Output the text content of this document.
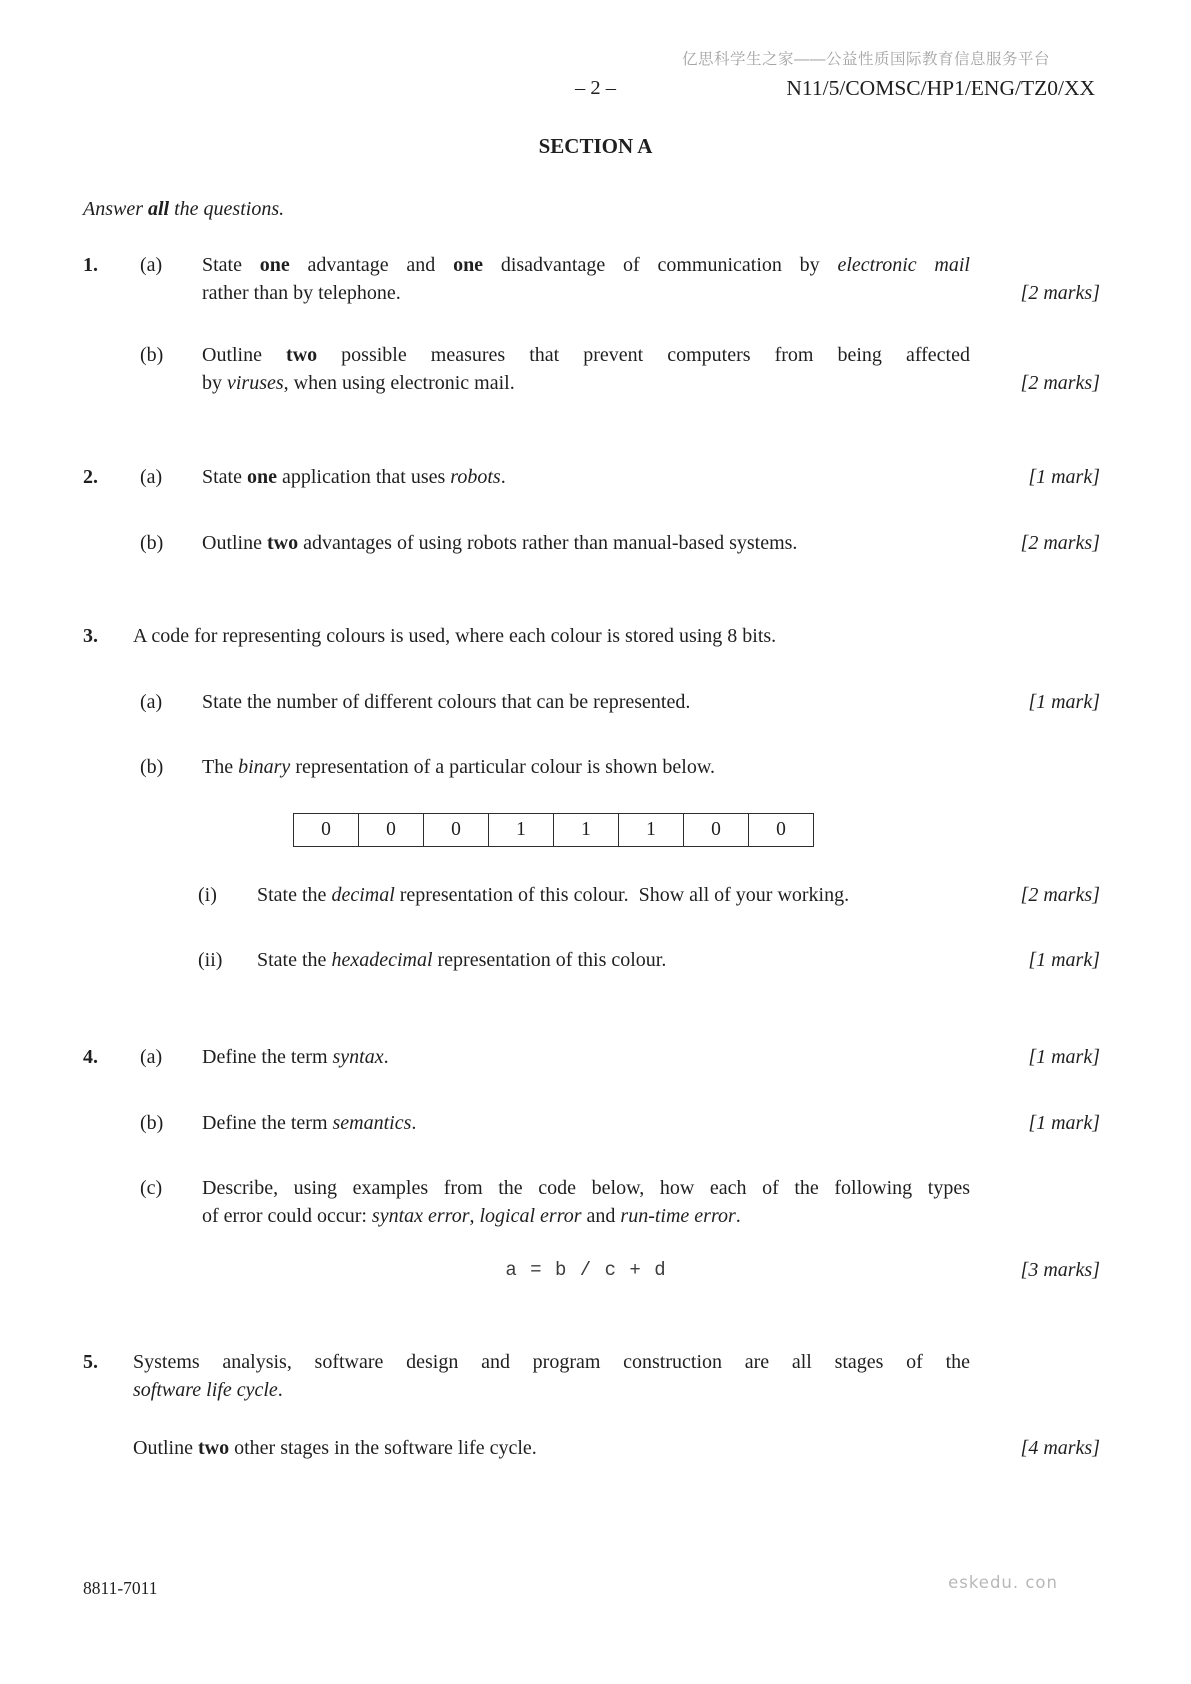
亿思科学生之家——公益性质国际教育信息服务平台
– 2 –	N11/5/COMSC/HP1/ENG/TZ0/XX
SECTION A
Answer all the questions.
1. (a) State one advantage and one disadvantage of communication by electronic mail
rather than by telephone.	[2 marks]
(b) Outline two possible measures that prevent computers from being affected
by viruses, when using electronic mail.	[2 marks]
2. (a) State one application that uses robots.	[1 mark]
(b) Outline two advantages of using robots rather than manual-based systems.	[2 marks]
3. A code for representing colours is used, where each colour is stored using 8 bits.
(a) State the number of different colours that can be represented.	[1 mark]
(b) The binary representation of a particular colour is shown below.
0	0	0	1	1	1	0	0
(i) State the decimal representation of this colour.  Show all of your working.	[2 marks]
(ii) State the hexadecimal representation of this colour.	[1 mark]
4. (a) Define the term syntax.	[1 mark]
(b) Define the term semantics.	[1 mark]
(c) Describe, using examples from the code below, how each of the following types
of error could occur: syntax error, logical error and run-time error.
a = b / c + d	[3 marks]
5. Systems analysis, software design and program construction are all stages of the
software life cycle.
Outline two other stages in the software life cycle.	[4 marks]
8811-7011	eskedu. con
